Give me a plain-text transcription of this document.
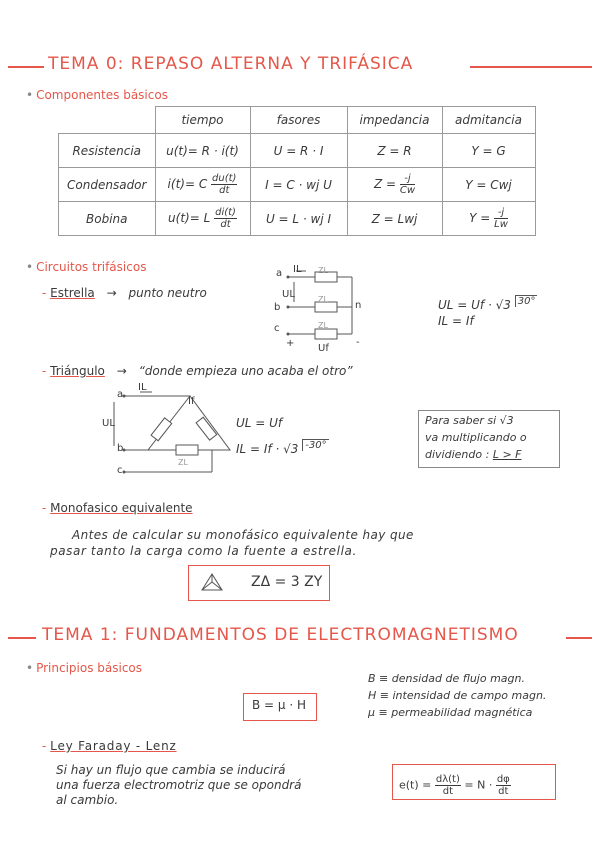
TEMA 0: REPASO ALTERNA Y TRIFÁSICA
• Componentes básicos
	tiempo	fasores	impedancia	admitancia
Resistencia	u(t)= R · i(t)	U = R · I	Z = R	Y = G
Condensador	i(t)= C $\frac{du(t)}{dt}$	I = C · wj U	$Z = \frac{-j}{Cw}$	Y = Cwj
Bobina	u(t)= L $\frac{di(t)}{dt}$	U = L · wj I	Z = Lwj	$Y = \frac{-j}{Lw}$
• Circuitos trifásicos
- Estrella → punto neutro
a IL ZL
UL	ZL
b	n
ZL
c
+ Uf
-
UL = Uf · √3 $^{30^\circ}$
IL = If
- Triángulo → “donde empieza uno acaba el otro”
a
IL
If
UL
b
ZL
c
UL = Uf
IL = If · √3 $^{-30^\circ}$
Para saber si √3
va multiplicando o
dividiendo : L > F
- Monofasico equivalente
Antes de calcular su monofásico equivalente hay que
pasar tanto la carga como la fuente a estrella.
ZΔ = 3 ZY
TEMA 1: FUNDAMENTOS DE ELECTROMAGNETISMO
• Principios básicos
B = μ · H
B ≡ densidad de flujo magn.
H ≡ intensidad de campo magn.
μ ≡ permeabilidad magnética
- Ley Faraday - Lenz
Si hay un flujo que cambia se inducirá
una fuerza electromotriz que se opondrá
al cambio.
$e(t) = \frac{d\lambda(t)}{dt} = N \cdot \frac{d\varphi}{dt}$
